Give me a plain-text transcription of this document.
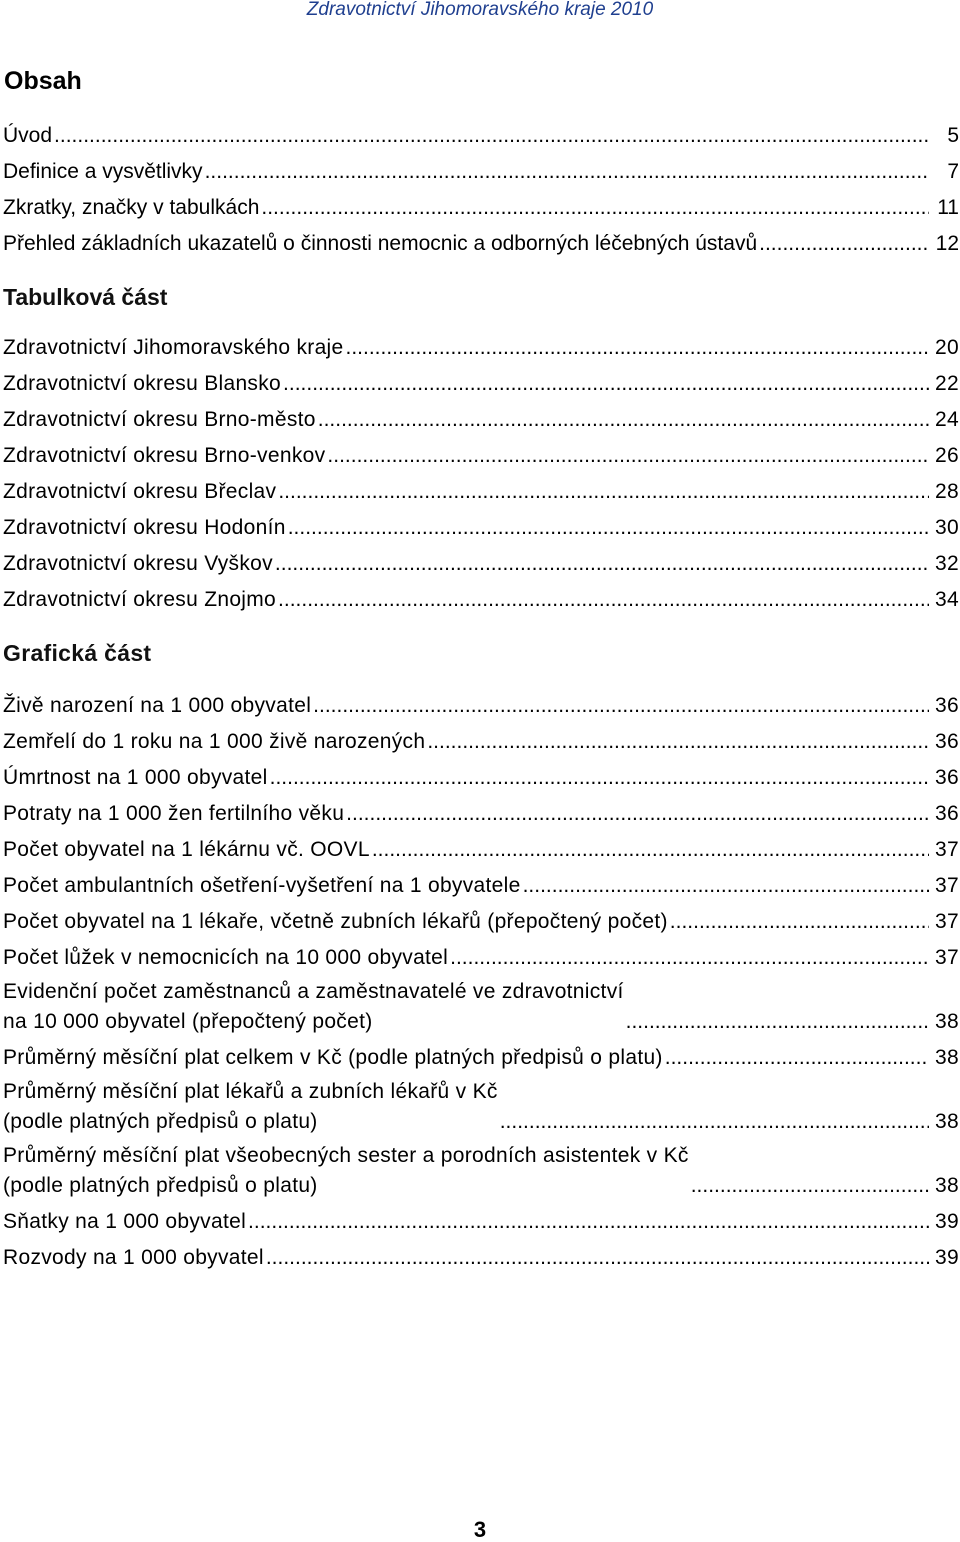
Zdravotnictví Jihomoravského kraje 2010
Obsah
Úvod .....	5
Definice a vysvětlivky .....	7
Zkratky, značky v tabulkách .....	11
Přehled základních ukazatelů o činnosti nemocnic a odborných léčebných ústavů .....	12
Tabulková část
Zdravotnictví Jihomoravského kraje .....	20
Zdravotnictví okresu Blansko .....	22
Zdravotnictví okresu Brno-město .....	24
Zdravotnictví okresu Brno-venkov .....	26
Zdravotnictví okresu Břeclav .....	28
Zdravotnictví okresu Hodonín .....	30
Zdravotnictví okresu Vyškov .....	32
Zdravotnictví okresu Znojmo .....	34
Grafická část
Živě narození na 1 000 obyvatel .....	36
Zemřelí do 1 roku na 1 000 živě narozených .....	36
Úmrtnost na 1 000 obyvatel .....	36
Potraty na 1 000 žen fertilního věku .....	36
Počet obyvatel na 1 lékárnu vč. OOVL .....	37
Počet ambulantních ošetření-vyšetření na 1 obyvatele .....	37
Počet obyvatel na 1 lékaře, včetně zubních lékařů (přepočtený počet) .....	37
Počet lůžek v nemocnicích na 10 000 obyvatel .....	37
Evidenční počet zaměstnanců a zaměstnavatelé ve zdravotnictví
na 10 000 obyvatel (přepočtený počet) .....	38
Průměrný měsíční plat celkem v Kč (podle platných předpisů o platu) .....	38
Průměrný měsíční plat lékařů a zubních lékařů v Kč
(podle platných předpisů o platu) .....	38
Průměrný měsíční plat všeobecných sester a porodních asistentek v Kč
(podle platných předpisů o platu) .....	38
Sňatky na 1 000 obyvatel .....	39
Rozvody na 1 000 obyvatel .....	39
3
